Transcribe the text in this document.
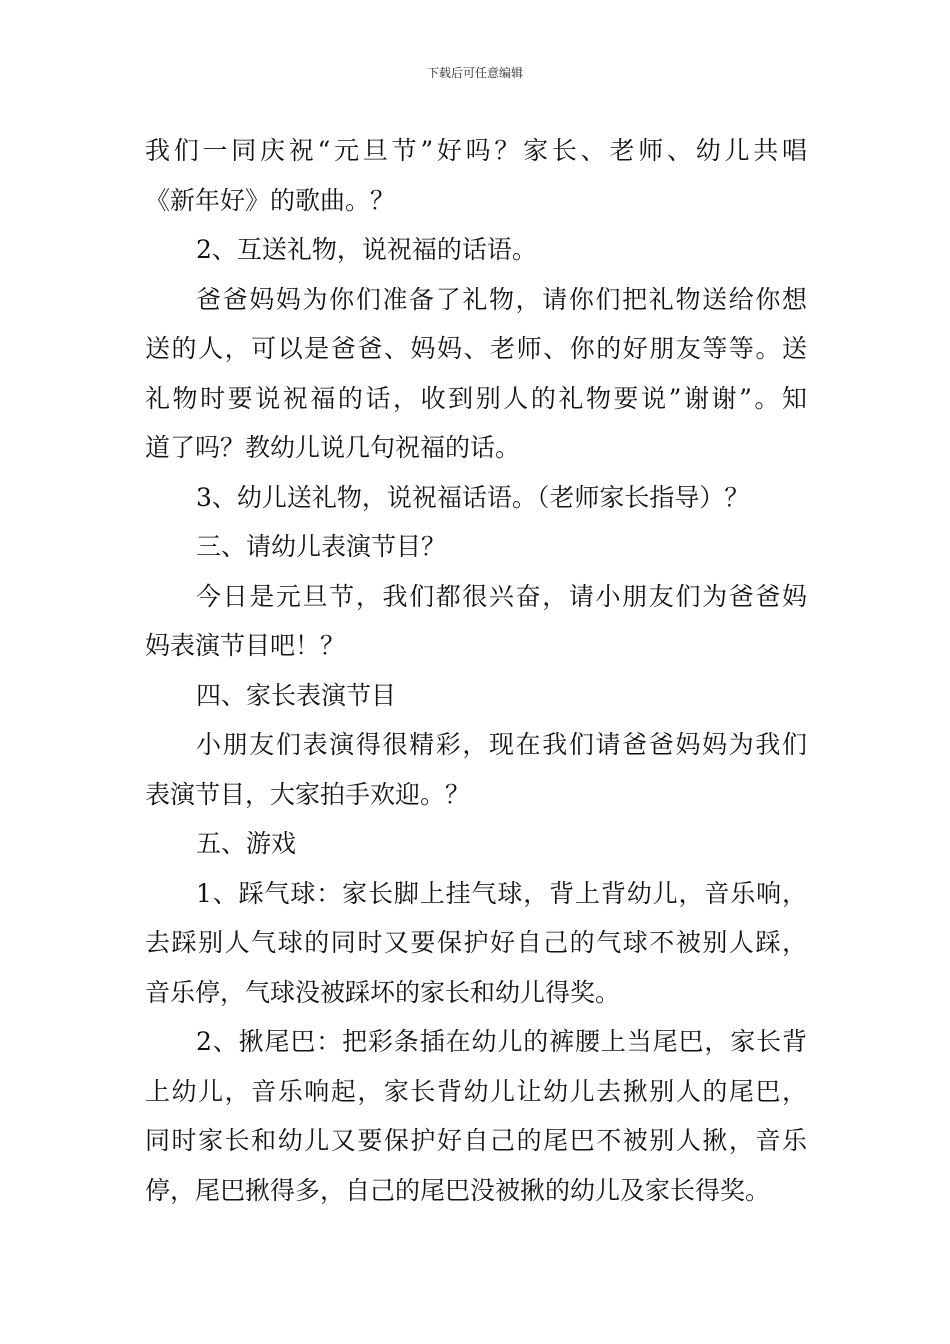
下载后可任意编辑
我们一同庆祝“元旦节”好吗？家长、老师、幼儿共唱
《新年好》的歌曲。？
2、互送礼物，说祝福的话语。
爸爸妈妈为你们准备了礼物，请你们把礼物送给你想
送的人，可以是爸爸、妈妈、老师、你的好朋友等等。送
礼物时要说祝福的话，收到别人的礼物要说”谢谢”。知
道了吗？教幼儿说几句祝福的话。
3、幼儿送礼物，说祝福话语。（老师家长指导）？
三、请幼儿表演节目？
今日是元旦节，我们都很兴奋，请小朋友们为爸爸妈
妈表演节目吧！？
四、家长表演节目
小朋友们表演得很精彩，现在我们请爸爸妈妈为我们
表演节目，大家拍手欢迎。？
五、游戏
1、踩气球：家长脚上挂气球，背上背幼儿，音乐响，
去踩别人气球的同时又要保护好自己的气球不被别人踩，
音乐停，气球没被踩坏的家长和幼儿得奖。
2、揪尾巴：把彩条插在幼儿的裤腰上当尾巴，家长背
上幼儿，音乐响起，家长背幼儿让幼儿去揪别人的尾巴，
同时家长和幼儿又要保护好自己的尾巴不被别人揪，音乐
停，尾巴揪得多，自己的尾巴没被揪的幼儿及家长得奖。
